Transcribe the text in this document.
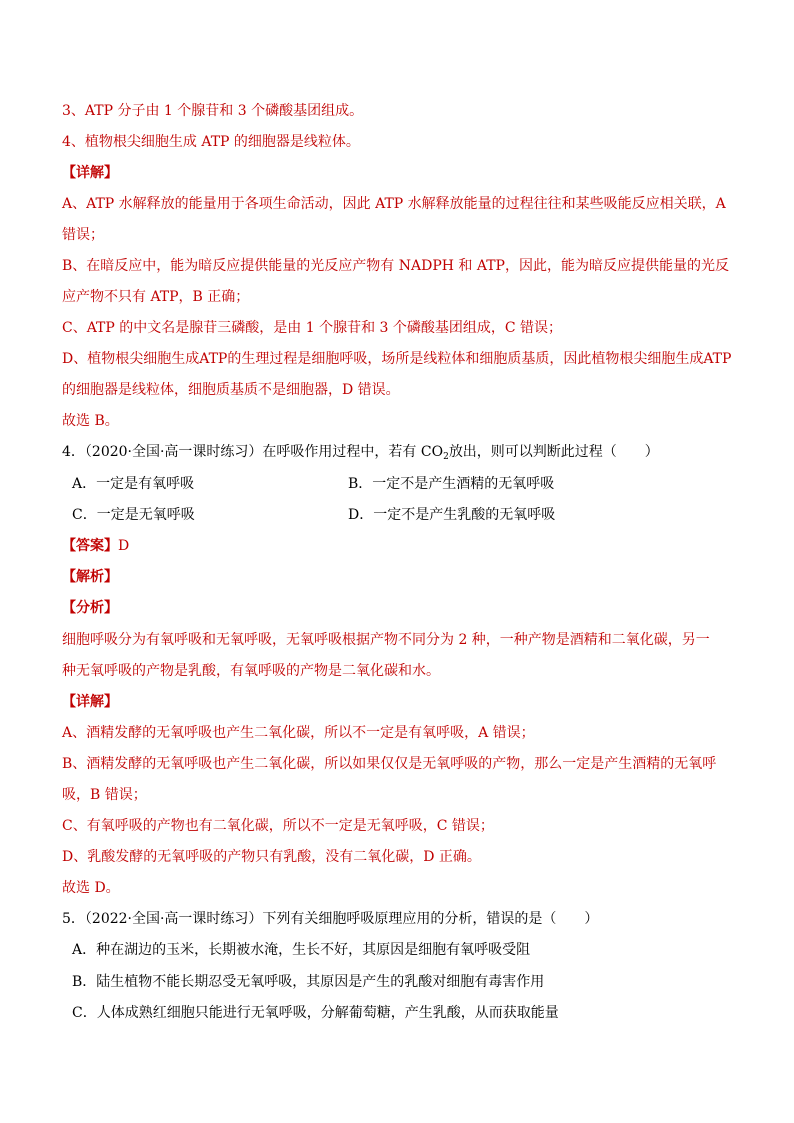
3、ATP 分子由 1 个腺苷和 3 个磷酸基团组成。
4、植物根尖细胞生成 ATP 的细胞器是线粒体。
【详解】
A、ATP 水解释放的能量用于各项生命活动，因此 ATP 水解释放能量的过程往往和某些吸能反应相关联，A
错误；
B、在暗反应中，能为暗反应提供能量的光反应产物有 NADPH 和 ATP，因此，能为暗反应提供能量的光反
应产物不只有 ATP，B 正确；
C、ATP 的中文名是腺苷三磷酸，是由 1 个腺苷和 3 个磷酸基团组成，C 错误；
D、植物根尖细胞生成ATP的生理过程是细胞呼吸，场所是线粒体和细胞质基质，因此植物根尖细胞生成ATP
的细胞器是线粒体，细胞质基质不是细胞器，D 错误。
故选 B。
4．（2020·全国·高一课时练习）在呼吸作用过程中，若有 $CO_2$放出，则可以判断此过程（　　）
A．一定是有氧呼吸	B．一定不是产生酒精的无氧呼吸
C．一定是无氧呼吸	D．一定不是产生乳酸的无氧呼吸
【答案】D
【解析】
【分析】
细胞呼吸分为有氧呼吸和无氧呼吸，无氧呼吸根据产物不同分为 2 种，一种产物是酒精和二氧化碳，另一
种无氧呼吸的产物是乳酸，有氧呼吸的产物是二氧化碳和水。
【详解】
A、酒精发酵的无氧呼吸也产生二氧化碳，所以不一定是有氧呼吸，A 错误；
B、酒精发酵的无氧呼吸也产生二氧化碳，所以如果仅仅是无氧呼吸的产物，那么一定是产生酒精的无氧呼
吸，B 错误；
C、有氧呼吸的产物也有二氧化碳，所以不一定是无氧呼吸，C 错误；
D、乳酸发酵的无氧呼吸的产物只有乳酸，没有二氧化碳，D 正确。
故选 D。
5．（2022·全国·高一课时练习）下列有关细胞呼吸原理应用的分析，错误的是（　　）
A．种在湖边的玉米，长期被水淹，生长不好，其原因是细胞有氧呼吸受阻
B．陆生植物不能长期忍受无氧呼吸，其原因是产生的乳酸对细胞有毒害作用
C．人体成熟红细胞只能进行无氧呼吸，分解葡萄糖，产生乳酸，从而获取能量
